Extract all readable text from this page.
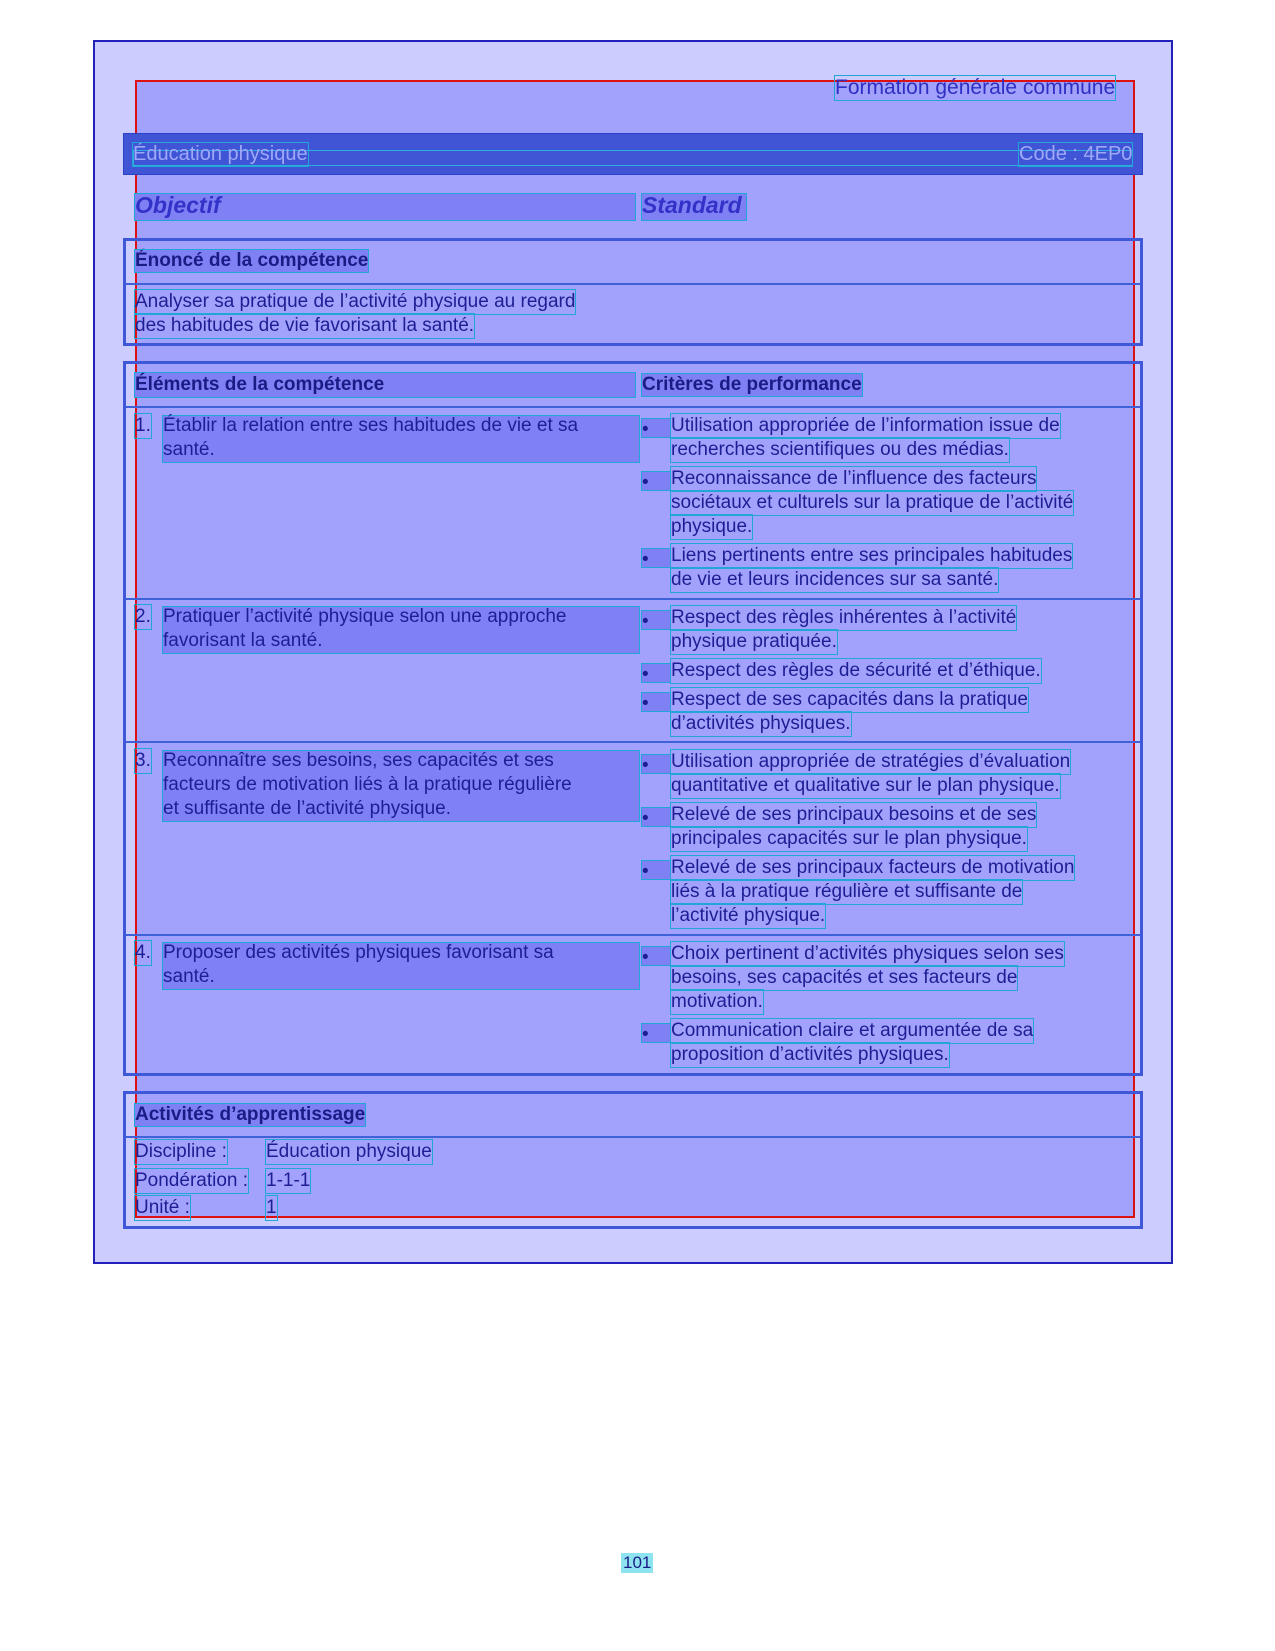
Formation générale commune
Éducation physique	Code : 4EP0
Objectif	Standard
Énoncé de la compétence
Analyser sa pratique de l’activité physique au regard
des habitudes de vie favorisant la santé.
Éléments de la compétence	Critères de performance
1. Établir la relation entre ses habitudes de vie et sa
santé.
•	Utilisation appropriée de l’information issue de
recherches scientifiques ou des médias.
•	Reconnaissance de l’influence des facteurs
sociétaux et culturels sur la pratique de l’activité
physique.
•	Liens pertinents entre ses principales habitudes
de vie et leurs incidences sur sa santé.
2. Pratiquer l’activité physique selon une approche
favorisant la santé.
•	Respect des règles inhérentes à l’activité
physique pratiquée.
•	Respect des règles de sécurité et d’éthique.
•	Respect de ses capacités dans la pratique
d’activités physiques.
3. Reconnaître ses besoins, ses capacités et ses
facteurs de motivation liés à la pratique régulière
et suffisante de l’activité physique.
•	Utilisation appropriée de stratégies d’évaluation
quantitative et qualitative sur le plan physique.
•	Relevé de ses principaux besoins et de ses
principales capacités sur le plan physique.
•	Relevé de ses principaux facteurs de motivation
liés à la pratique régulière et suffisante de
l’activité physique.
4. Proposer des activités physiques favorisant sa
santé.
•	Choix pertinent d’activités physiques selon ses
besoins, ses capacités et ses facteurs de
motivation.
•	Communication claire et argumentée de sa
proposition d’activités physiques.
Activités d’apprentissage
Discipline : Éducation physique
Pondération : 1-1-1
Unité :	1
101
